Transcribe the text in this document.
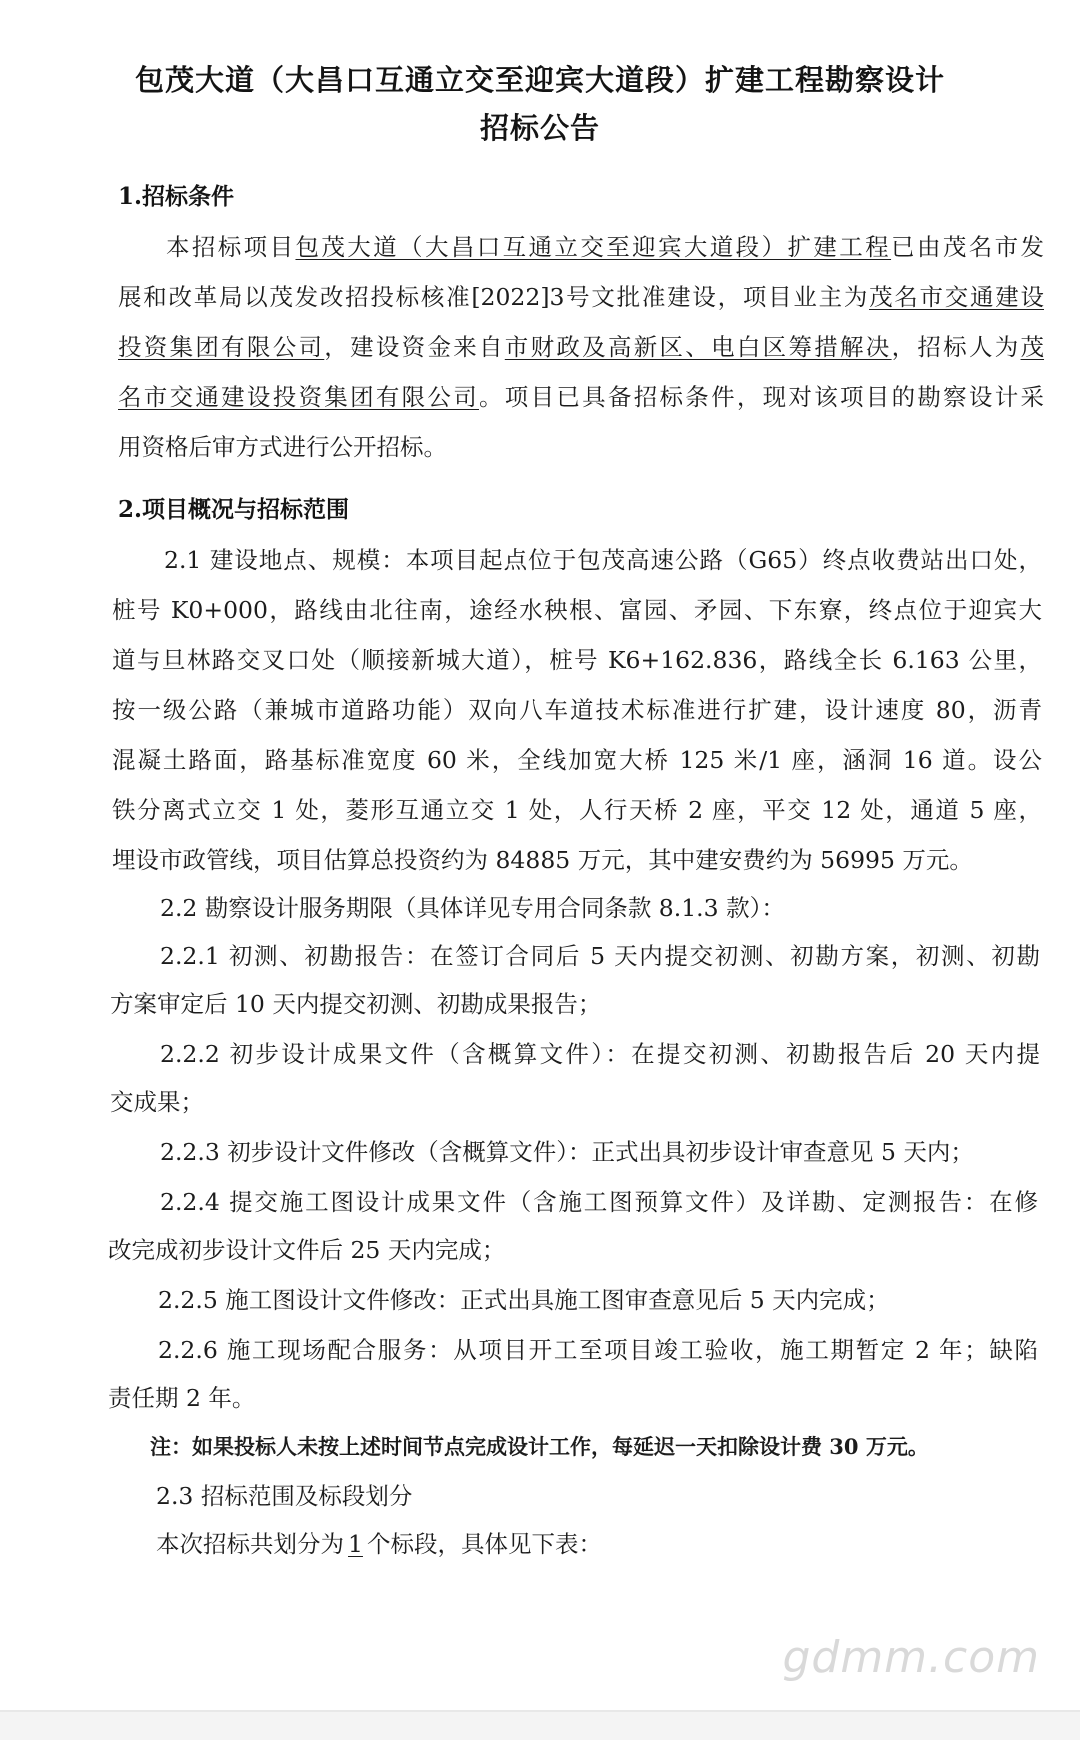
包茂大道（大昌口互通立交至迎宾大道段）扩建工程勘察设计
招标公告
1.招标条件
本招标项目包茂大道（大昌口互通立交至迎宾大道段）扩建工程已由茂名市发
展和改革局以茂发改招投标核准[2022]3号文批准建设，项目业主为茂名市交通建设
投资集团有限公司，建设资金来自市财政及高新区、电白区筹措解决，招标人为茂
名市交通建设投资集团有限公司。项目已具备招标条件，现对该项目的勘察设计采
用资格后审方式进行公开招标。
2.项目概况与招标范围
2.1 建设地点、规模：本项目起点位于包茂高速公路（G65）终点收费站出口处，
桩号 K0+000，路线由北往南，途经水秧根、富园、矛园、下东寮，终点位于迎宾大
道与旦林路交叉口处（顺接新城大道），桩号 K6+162.836，路线全长 6.163 公里，
按一级公路（兼城市道路功能）双向八车道技术标准进行扩建，设计速度 80，沥青
混凝土路面，路基标准宽度 60 米，全线加宽大桥 125 米/1 座，涵洞 16 道。设公
铁分离式立交 1 处，菱形互通立交 1 处，人行天桥 2 座，平交 12 处，通道 5 座，
埋设市政管线，项目估算总投资约为 84885 万元，其中建安费约为 56995 万元。
2.2 勘察设计服务期限（具体详见专用合同条款 8.1.3 款）：
2.2.1 初测、初勘报告：在签订合同后 5 天内提交初测、初勘方案，初测、初勘
方案审定后 10 天内提交初测、初勘成果报告；
2.2.2 初步设计成果文件（含概算文件）：在提交初测、初勘报告后 20 天内提
交成果；
2.2.3 初步设计文件修改（含概算文件）：正式出具初步设计审查意见 5 天内；
2.2.4 提交施工图设计成果文件（含施工图预算文件）及详勘、定测报告：在修
改完成初步设计文件后 25 天内完成；
2.2.5 施工图设计文件修改：正式出具施工图审查意见后 5 天内完成；
2.2.6 施工现场配合服务：从项目开工至项目竣工验收，施工期暂定 2 年；缺陷
责任期 2 年。
注：如果投标人未按上述时间节点完成设计工作，每延迟一天扣除设计费 30 万元。
2.3 招标范围及标段划分
本次招标共划分为 1 个标段，具体见下表：
gdmm.com
